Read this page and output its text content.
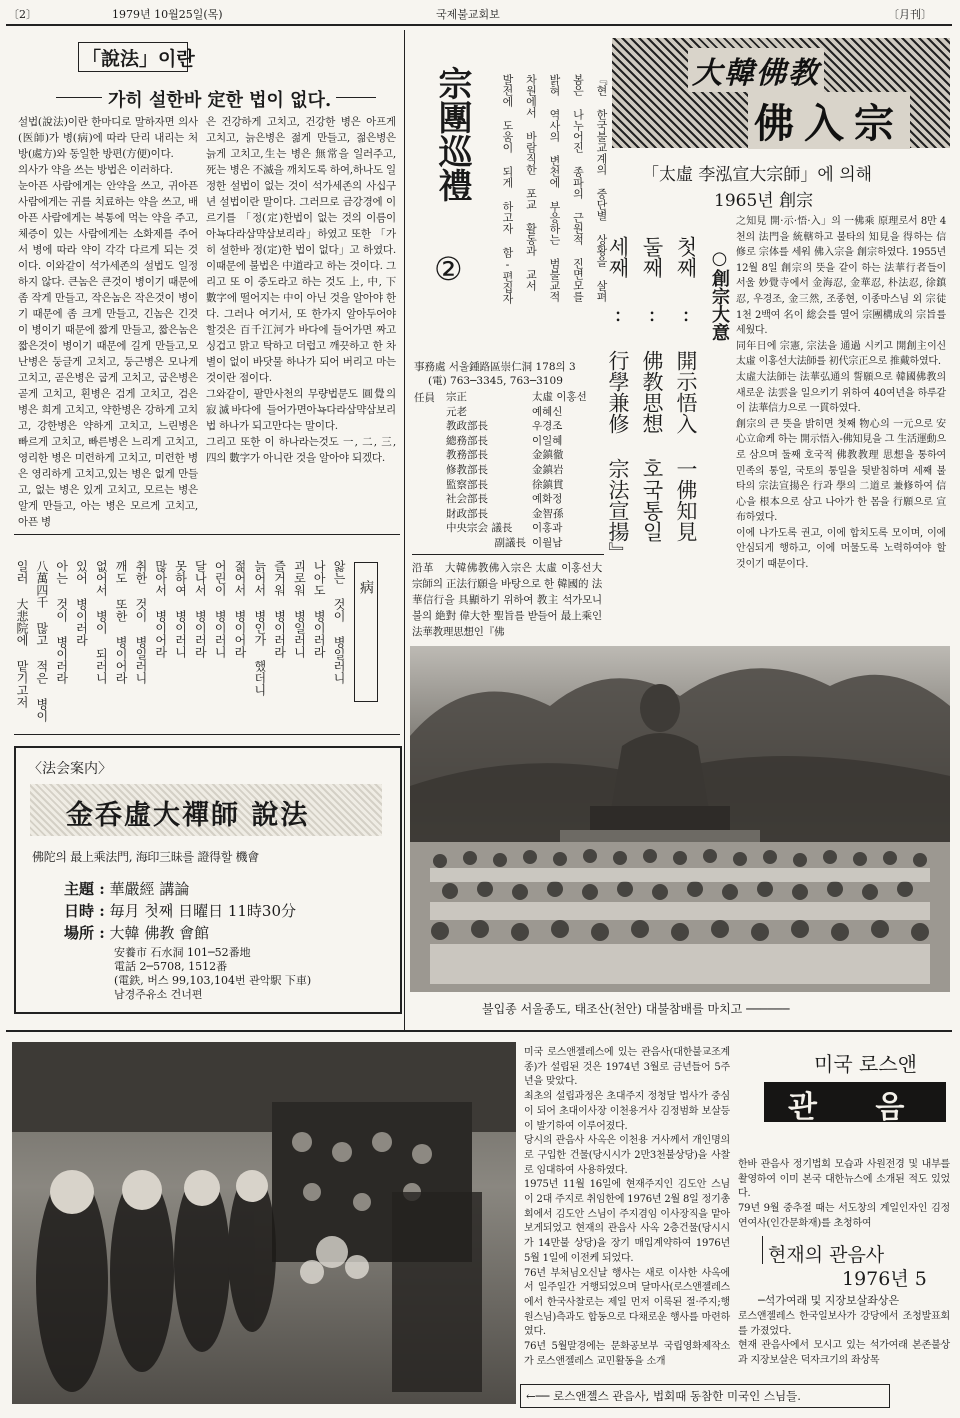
〔2〕	1979년 10월25일(목)	국제불교회보	〔月刊〕
「說法」이란
가히 설한바 定한 법이 없다.
설법(說法)이란 한마디로 말하자면 의사(医師)가 병(病)에 따라 단리 내리는 처방(處方)와 동일한 방편(方便)이다.
의사가 약을 쓰는 방법은 이러하다.
눈아픈 사람에게는 안약을 쓰고, 귀아픈 사람에게는 귀를 치료하는 약을 쓰고, 배아픈 사람에게는 복통에 먹는 약을 주고, 체증이 있는 사람에게는 소화제를 주어서 병에 따라 약이 각각 다르게 되는 것이다. 이와같이 석가세존의 설법도 일정하지 않다. 큰놈은 큰것이 병이기 때문에 좀 작게 만들고, 작은놈은 작은것이 병이기 때문에 좀 크게 만들고, 긴놈은 긴것이 병이기 때문에 짧게 만들고, 짧은놈은 짧은것이 병이기 때문에 길게 만들고,모난병은 둥글게 고치고, 둥근병은 모나게 고치고, 곧은병은 굽게 고치고, 굽은병은 곧게 고치고, 흰병은 검게 고치고, 검은병은 희게 고치고, 약한병은 강하게 고치고, 강한병은 약하게 고치고, 느린병은 빠르게 고치고, 빠른병은 느리게 고치고, 영리한 병은 미련하게 고치고, 미련한 병은 영리하게 고치고,있는 병은 없게 만들고, 없는 병은 있게 고치고, 모르는 병은 알게 만들고, 아는 병은 모르게 고치고, 아픈 병
은 건강하게 고치고, 건강한 병은 아프게 고치고, 늙은병은 젊게 만들고, 젊은병은 늙게 고치고,生는 병은 無常을 일러주고, 死는 병은 不滅을 깨치도록 하여,하나도 일정한 설법이 없는 것이 석가세존의 사십구년 설법이란 말이다. 그러므로 금강경에 이르기를 「정(定)한법이 없는 것의 이름이 아뇩다라삼먁삼보리라」하였고 또한 「가히 설한바 정(定)한 법이 없다」고 하였다. 이때문에 불법은 中道라고 하는 것이다. 그리고 또 이 중도라고 하는 것도 上, 中, 下 數字에 떨어지는 中이 아닌 것을 알아야 한다. 그러나 여기서, 또 한가지 알아두어야 할것은 百千江河가 바다에 들어가면 짜고 싱겁고 맑고 탁하고 더럽고 깨끗하고 한 차별이 없이 바닷물 하나가 되어 버리고 마는 것이란 점이다.
그와같이, 팔만사천의 무량법문도 圓覺의 寂滅바다에 들어가면아뇩다라삼먁삼보리법 하나가 되고만다는 말이다.
그리고 또한 이 하나라는것도 一, 二, 三, 四의 數字가 아니란 것을 알아야 되겠다.
病
앓는 것이 병일러니
나아도 병이러라
괴로워 병일러니
즐거워 병이러라
늙어서 병인가 했더니
젊어서 병이어라
어린이 병이러니
달나서 병이러라
못하여 병이러니
많아서 병이어라
취한 것이 병일러니
깨도 또한 병이어라
없어서 병이 되러니
있어 병이러라
아는 것이 병이러라
八萬四千 많고 적은 병이
일러 大悲院에 맡기고저
〈法会案内〉
金呑虛大禪師 說法
佛陀의 最上乘法門, 海印三昧를 證得할 機會
主題 : 華嚴經 講論
日時 : 毎月 첫째 日曜日 11時30分
場所 : 大韓 佛教 會館
安養市 石水洞 101─52番地
電話 2─5708, 1512番
(電鉄, 버스 99,103,104번 관악駅 下車)
남경주유소 건너편
宗團巡禮
②	『현 한국불교계의 중단별 상황을 살펴
봄은 나누어진 종파의 근원적 진면모를
밝혀 역사의 변천에 부응하는 범불교적
차원에서 바람직한 포교 활동과 교서
발전에 도움이 되게 하고자 함-편집자
大韓佛教
佛入宗
「太虛 李泓宣大宗師」에 의해
1965년 創宗
첫째 : 開示悟入 一佛知見
둘째 : 佛教思想 호국통일
세째 : 行學兼修 宗法宣揚』	○創宗大意
之知見 開·示·悟·入」의 一佛乘 原理로서 8만 4천의 法門을 統轄하고 불타의 知見을 得하는 信修로 宗体를 세워 佛入宗을 創宗하였다. 1955년 12월 8일 創宗의 뜻을 같이 하는 法華行者들이 서울 妙覺寺에서 金海忍, 金華忍, 朴法忍, 徐鎮忍, 우경조, 金三然, 조종현, 이종마스님 외 宗徒 1천 2백여 名이 総会를 열어 宗團構成의 宗旨를 세웠다.
同年日에 宗憲, 宗法을 通過 시키고 開創主이신 太虛 이홍선大法師를 初代宗正으로 推戴하였다.
太虛大法師는 法華弘通의 誓願으로 韓國佛教의 새로운 法雲을 일으키기 위하여 40여년을 하루같이 法華信力으로 一貫하였다.
創宗의 큰 뜻을 밝히면 첫째 物心의 一元으로 安心立命케 하는 開示悟入-佛知見을 그 生活運動으로 삼으며 둘째 호국적 佛教教理 思想을 통하여 민족의 통일, 국토의 통일을 뒷받침하며 세째 불타의 宗法宣揚은 行과 學의 二道로 兼修하여 信心을 根本으로 삼고 나아가 한 몸을 行願으로 宣布하였다.
이에 나가도록 권고, 이에 합치도록 모이며, 이에 안심되게 행하고, 이에 머물도록 노력하여야 할 것이기 때문이다.
事務處 서울鍾路區崇仁洞 178의 3
(電) 763─3345, 763─3109
任員 宗正	太虛 이홍선
元老	예혜신
教政部長	우경조
總務部長	이일혜
教務部長	金鎮徹
修教部長	金鎮岩
監察部長	徐鎮貫
社会部長	예화정
財政部長	金智孫
中央宗会 議長 이홍과
副議長 이월남
沿革　大韓佛教佛入宗은 太虛 이홍선大宗師의 正法行願을 바탕으로 한 韓國的 法華信行을 具顯하기 위하여 教主 석가모니불의 絶對 偉大한 聖旨를 받들어 最上乘인 法華教理思想인『佛
불입종 서울종도, 태조산(천안) 대불참배를 마치고 ──────
미국 로스앤젤레스에 있는 관음사(대한불교조계종)가 설립된 것은 1974년 3월로 금년들어 5주년을 맞았다.
최초의 설립과정은 초대주지 정청달 법사가 중심이 되어 초대이사장 이천용거사 김정범화 보살등이 발기하여 이루어졌다.
당시의 관음사 사옥은 이천용 거사께서 개인명의로 구입한 건물(당시시가 2만3천불상당)을 사찰로 임대하여 사용하였다.
1975년 11월 16일에 현재주지인 김도안 스님이 2대 주지로 취임한에 1976년 2월 8일 정기총회에서 김도안 스님이 주지겸임 이사장직을 맡아 보게되었고 현재의 관음사 사옥 2층건물(당시시가 14만불 상당)을 장기 매입계약하여 1976년 5월 1일에 이전케 되었다.
76년 부처님오신날 행사는 새로 이사한 사옥에서 일주일간 거행되었으며 달마사(로스앤젤레스에서 한국사찰로는 제일 먼저 이룩된 절·주지;행원스님)측과도 합동으로 다채로운 행사를 마련하였다.
76년 5월말경에는 문화공보부 국립영화제작소가 로스앤젤레스 교민활동을 소개
미국 로스앤
관 음
한바 관음사 정기법회 모습과 사원전경 및 내부를 촬영하여 이미 본국 대한뉴스에 소개된 적도 있었다.
79년 9월 중추절 때는 서도창의 계일인자인 김정연여사(인간문화재)를 초청하여
현재의 관음사
1976년 5
─석가여래 및 지장보살좌상은
로스앤젤레스 한국일보사가 강당에서 조청발표회를 가졌었다.
현재 관음사에서 모시고 있는 석가여래 본존불상과 지장보살은 덕자크기의 좌상목
←── 로스앤젤스 관음사, 법회때 동참한 미국인 스님들.
